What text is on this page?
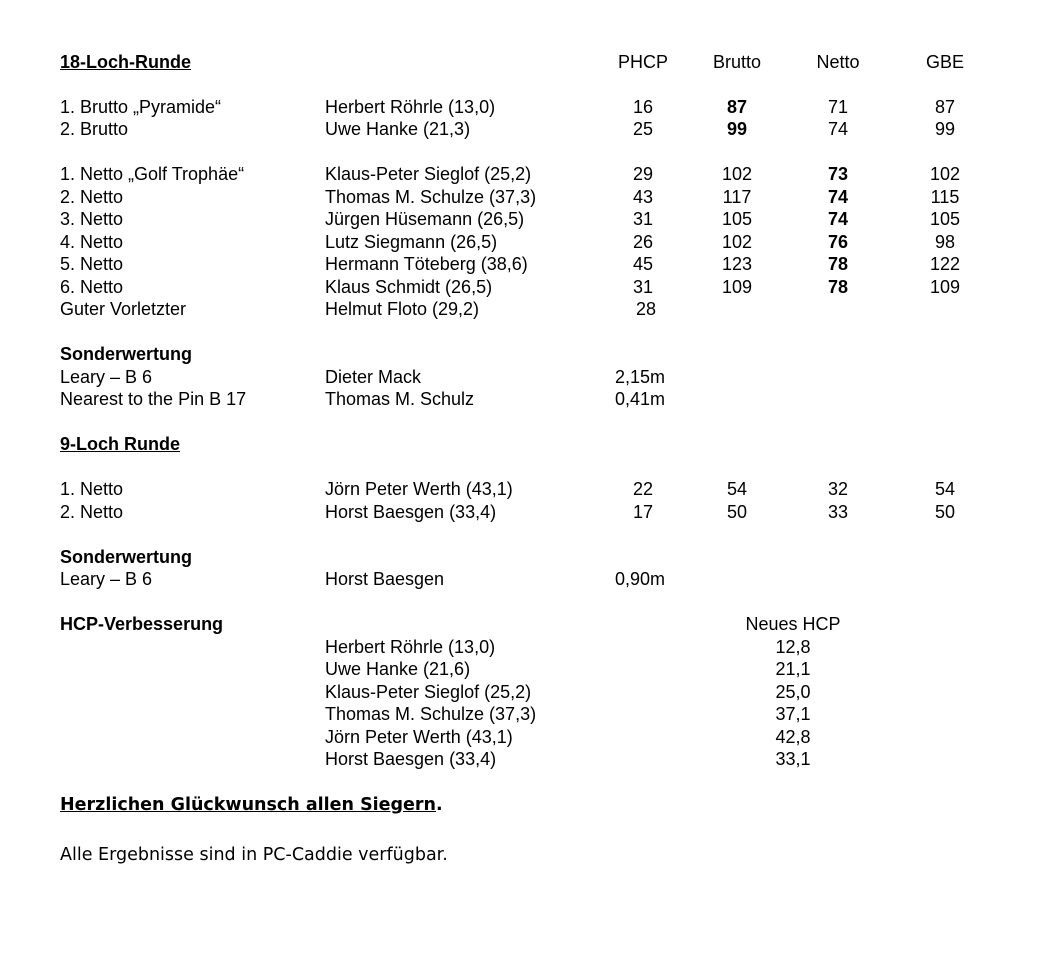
18-Loch-Runde	PHCP	Brutto	Netto	GBE
1. Brutto „Pyramide“	Herbert Röhrle (13,0)	16	87	71	87
2. Brutto	Uwe Hanke (21,3)	25	99	74	99
1. Netto „Golf Trophäe“	Klaus-Peter Sieglof (25,2)	29	102	73	102
2. Netto	Thomas M. Schulze (37,3)	43	117	74	115
3. Netto	Jürgen Hüsemann (26,5)	31	105	74	105
4. Netto	Lutz Siegmann (26,5)	26	102	76	98
5. Netto	Hermann Töteberg (38,6)	45	123	78	122
6. Netto	Klaus Schmidt (26,5)	31	109	78	109
Guter Vorletzter	Helmut Floto (29,2)	28
Sonderwertung
Leary – B 6	Dieter Mack	2,15m
Nearest to the Pin B 17	Thomas M. Schulz	0,41m
9-Loch Runde
1. Netto	Jörn Peter Werth (43,1)	22	54	32	54
2. Netto	Horst Baesgen (33,4)	17	50	33	50
Sonderwertung
Leary – B 6	Horst Baesgen	0,90m
HCP-Verbesserung	Neues HCP
Herbert Röhrle (13,0)	12,8
Uwe Hanke (21,6)	21,1
Klaus-Peter Sieglof (25,2)	25,0
Thomas M. Schulze (37,3)	37,1
Jörn Peter Werth (43,1)	42,8
Horst Baesgen (33,4)	33,1
Herzlichen Glückwunsch allen Siegern.
Alle Ergebnisse sind in PC-Caddie verfügbar.
